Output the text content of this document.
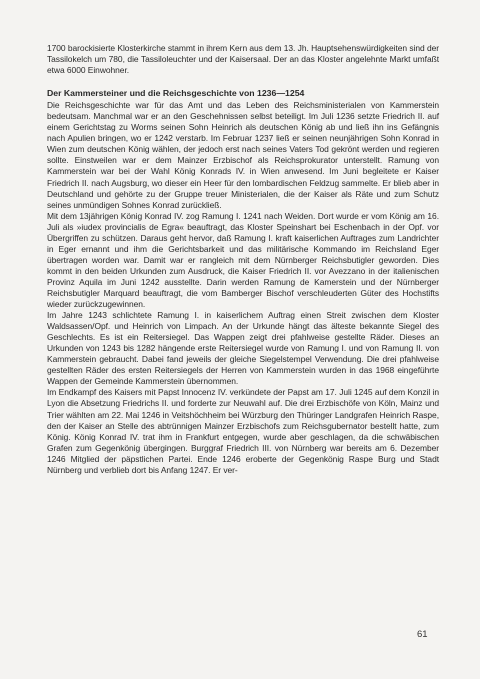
1700 barockisierte Klosterkirche stammt in ihrem Kern aus dem 13. Jh. Hauptsehenswürdigkeiten sind der Tassilokelch um 780, die Tassiloleuchter und der Kaisersaal. Der an das Kloster angelehnte Markt umfaßt etwa 6000 Einwohner.

Der Kammersteiner und die Reichsgeschichte von 1236—1254

Die Reichsgeschichte war für das Amt und das Leben des Reichsministerialen von Kammerstein bedeutsam. Manchmal war er an den Geschehnissen selbst beteiligt. Im Juli 1236 setzte Friedrich II. auf einem Gerichtstag zu Worms seinen Sohn Heinrich als deutschen König ab und ließ ihn ins Gefängnis nach Apulien bringen, wo er 1242 verstarb. Im Februar 1237 ließ er seinen neunjährigen Sohn Konrad in Wien zum deutschen König wählen, der jedoch erst nach seines Vaters Tod gekrönt werden und regieren sollte. Einstweilen war er dem Mainzer Erzbischof als Reichsprokurator unterstellt. Ramung von Kammerstein war bei der Wahl König Konrads IV. in Wien anwesend. Im Juni begleitete er Kaiser Friedrich II. nach Augsburg, wo dieser ein Heer für den lombardischen Feldzug sammelte. Er blieb aber in Deutschland und gehörte zu der Gruppe treuer Ministerialen, die der Kaiser als Räte und zum Schutz seines unmündigen Sohnes Konrad zurückließ.

Mit dem 13jährigen König Konrad IV. zog Ramung I. 1241 nach Weiden. Dort wurde er vom König am 16. Juli als »iudex provincialis de Egra« beauftragt, das Kloster Speinshart bei Eschenbach in der Opf. vor Übergriffen zu schützen. Daraus geht hervor, daß Ramung I. kraft kaiserlichen Auftrages zum Landrichter in Eger ernannt und ihm die Gerichtsbarkeit und das militärische Kommando im Reichsland Eger übertragen worden war. Damit war er rangleich mit dem Nürnberger Reichsbutigler geworden. Dies kommt in den beiden Urkunden zum Ausdruck, die Kaiser Friedrich II. vor Avezzano in der italienischen Provinz Aquila im Juni 1242 ausstellte. Darin werden Ramung de Kamerstein und der Nürnberger Reichsbutigler Marquard beauftragt, die vom Bamberger Bischof verschleuderten Güter des Hochstifts wieder zurückzugewinnen.

Im Jahre 1243 schlichtete Ramung I. in kaiserlichem Auftrag einen Streit zwischen dem Kloster Waldsassen/Opf. und Heinrich von Limpach. An der Urkunde hängt das älteste bekannte Siegel des Geschlechts. Es ist ein Reitersiegel. Das Wappen zeigt drei pfahlweise gestellte Räder. Dieses an Urkunden von 1243 bis 1282 hängende erste Reitersiegel wurde von Ramung I. und von Ramung II. von Kammerstein gebraucht. Dabei fand jeweils der gleiche Siegelstempel Verwendung. Die drei pfahlweise gestellten Räder des ersten Reitersiegels der Herren von Kammerstein wurden in das 1968 eingeführte Wappen der Gemeinde Kammerstein übernommen.

Im Endkampf des Kaisers mit Papst Innocenz IV. verkündete der Papst am 17. Juli 1245 auf dem Konzil in Lyon die Absetzung Friedrichs II. und forderte zur Neuwahl auf. Die drei Erzbischöfe von Köln, Mainz und Trier wählten am 22. Mai 1246 in Veitshöchheim bei Würzburg den Thüringer Landgrafen Heinrich Raspe, den der Kaiser an Stelle des abtrünnigen Mainzer Erzbischofs zum Reichsgubernator bestellt hatte, zum König. König Konrad IV. trat ihm in Frankfurt entgegen, wurde aber geschlagen, da die schwäbischen Grafen zum Gegenkönig übergingen. Burggraf Friedrich III. von Nürnberg war bereits am 6. Dezember 1246 Mitglied der päpstlichen Partei. Ende 1246 eroberte der Gegenkönig Raspe Burg und Stadt Nürnberg und verblieb dort bis Anfang 1247. Er ver-

61
